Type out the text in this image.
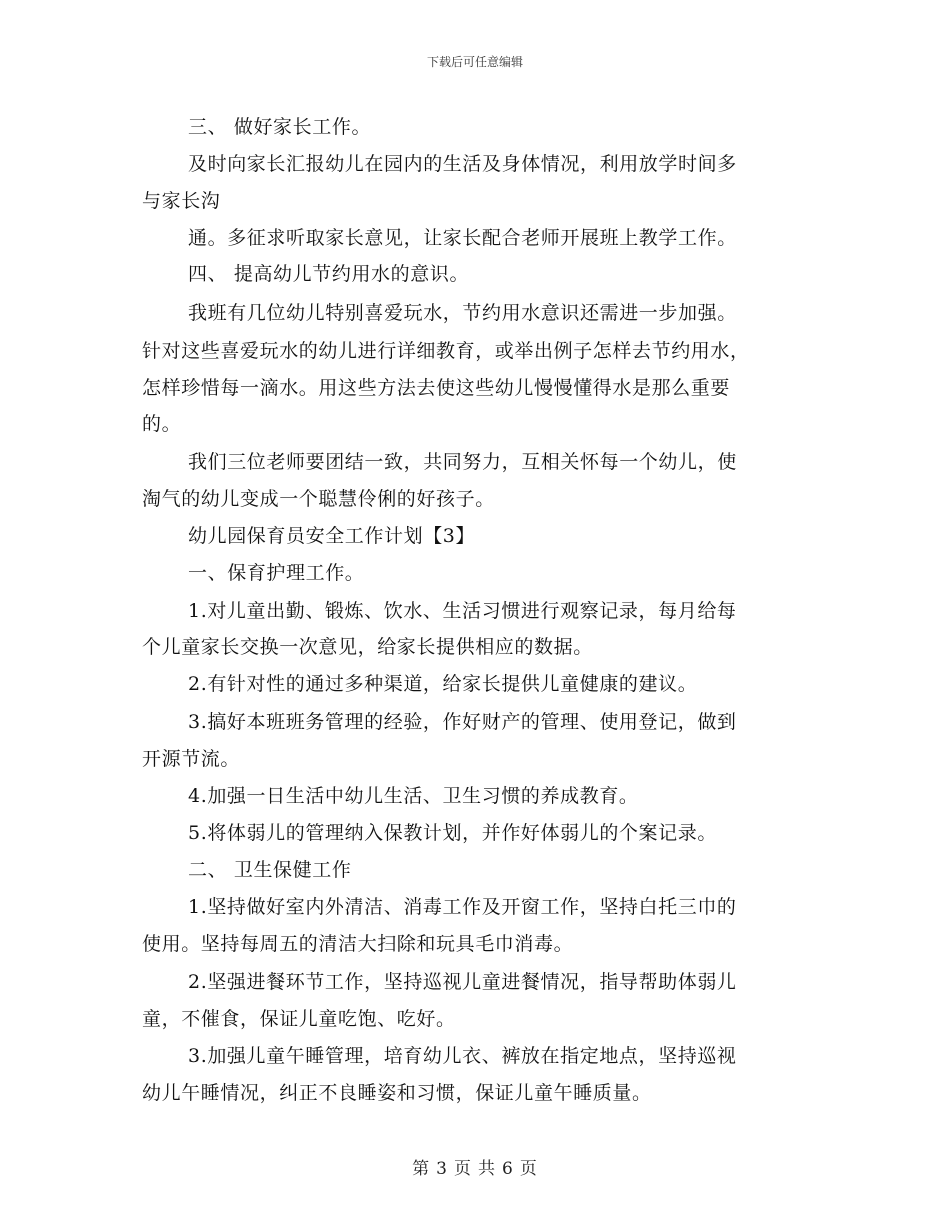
下载后可任意编辑
三、 做好家长工作。
及时向家长汇报幼儿在园内的生活及身体情况，利用放学时间多
与家长沟
通。多征求听取家长意见，让家长配合老师开展班上教学工作。
四、 提高幼儿节约用水的意识。
我班有几位幼儿特别喜爱玩水，节约用水意识还需进一步加强。
针对这些喜爱玩水的幼儿进行详细教育，或举出例子怎样去节约用水，
怎样珍惜每一滴水。用这些方法去使这些幼儿慢慢懂得水是那么重要
的。
我们三位老师要团结一致，共同努力，互相关怀每一个幼儿，使
淘气的幼儿变成一个聪慧伶俐的好孩子。
幼儿园保育员安全工作计划【3】
一、保育护理工作。
1.对儿童出勤、锻炼、饮水、生活习惯进行观察记录，每月给每
个儿童家长交换一次意见，给家长提供相应的数据。
2.有针对性的通过多种渠道，给家长提供儿童健康的建议。
3.搞好本班班务管理的经验，作好财产的管理、使用登记，做到
开源节流。
4.加强一日生活中幼儿生活、卫生习惯的养成教育。
5.将体弱儿的管理纳入保教计划，并作好体弱儿的个案记录。
二、 卫生保健工作
1.坚持做好室内外清洁、消毒工作及开窗工作，坚持白托三巾的
使用。坚持每周五的清洁大扫除和玩具毛巾消毒。
2.坚强进餐环节工作，坚持巡视儿童进餐情况，指导帮助体弱儿
童，不催食，保证儿童吃饱、吃好。
3.加强儿童午睡管理，培育幼儿衣、裤放在指定地点，坚持巡视
幼儿午睡情况，纠正不良睡姿和习惯，保证儿童午睡质量。
第 3 页 共 6 页
